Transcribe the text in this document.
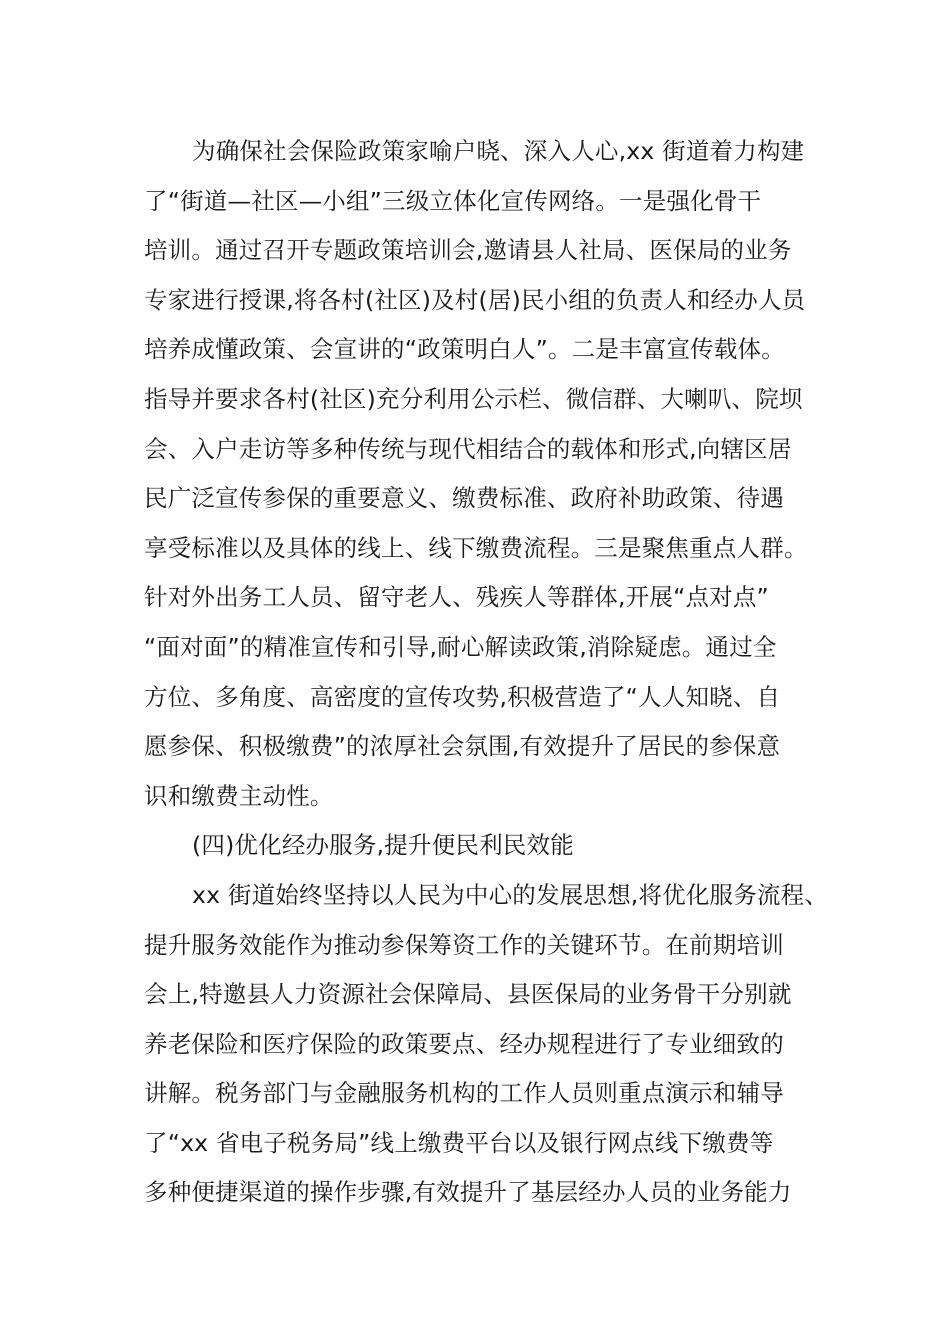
为确保社会保险政策家喻户晓、深入人心,xx 街道着力构建
了“街道—社区—小组”三级立体化宣传网络。一是强化骨干
培训。通过召开专题政策培训会,邀请县人社局、医保局的业务
专家进行授课,将各村(社区)及村(居)民小组的负责人和经办人员
培养成懂政策、会宣讲的“政策明白人”。二是丰富宣传载体。
指导并要求各村(社区)充分利用公示栏、微信群、大喇叭、院坝
会、入户走访等多种传统与现代相结合的载体和形式,向辖区居
民广泛宣传参保的重要意义、缴费标准、政府补助政策、待遇
享受标准以及具体的线上、线下缴费流程。三是聚焦重点人群。
针对外出务工人员、留守老人、残疾人等群体,开展“点对点”
“面对面”的精准宣传和引导,耐心解读政策,消除疑虑。通过全
方位、多角度、高密度的宣传攻势,积极营造了“人人知晓、自
愿参保、积极缴费”的浓厚社会氛围,有效提升了居民的参保意
识和缴费主动性。
(四)优化经办服务,提升便民利民效能
xx 街道始终坚持以人民为中心的发展思想,将优化服务流程、
提升服务效能作为推动参保筹资工作的关键环节。在前期培训
会上,特邀县人力资源社会保障局、县医保局的业务骨干分别就
养老保险和医疗保险的政策要点、经办规程进行了专业细致的
讲解。税务部门与金融服务机构的工作人员则重点演示和辅导
了“xx 省电子税务局”线上缴费平台以及银行网点线下缴费等
多种便捷渠道的操作步骤,有效提升了基层经办人员的业务能力
